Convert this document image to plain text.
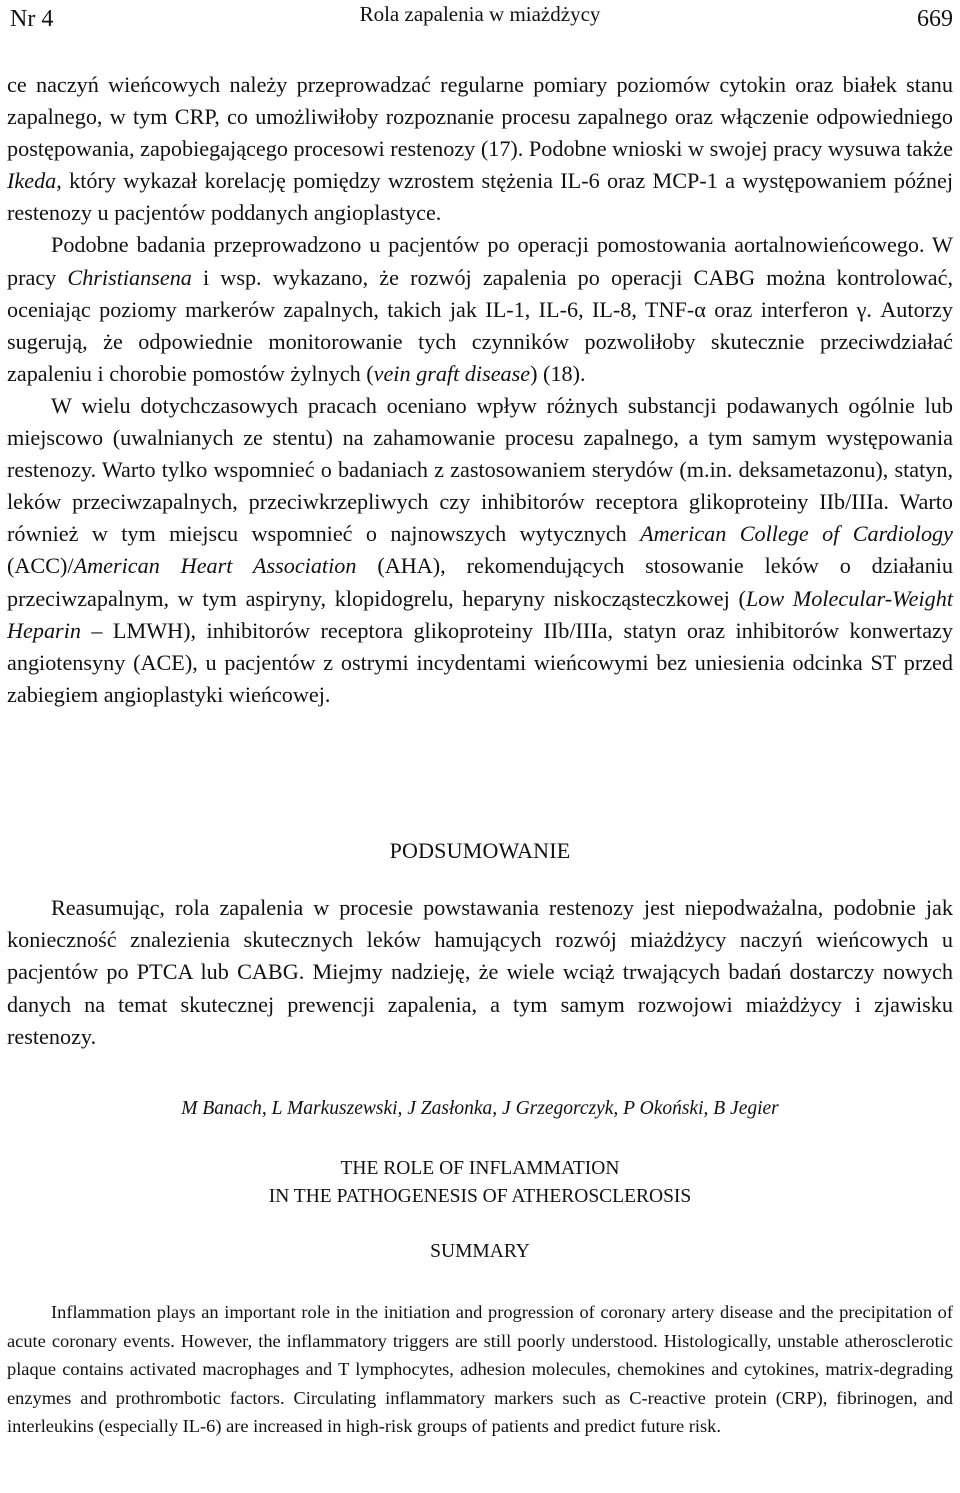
Nr 4	Rola zapalenia w miażdżycy	669

ce naczyń wieńcowych należy przeprowadzać regularne pomiary poziomów cytokin oraz białek stanu zapalnego, w tym CRP, co umożliwiłoby rozpoznanie procesu zapalnego oraz włączenie odpowiedniego postępowania, zapobiegającego procesowi restenozy (17). Podobne wnioski w swojej pracy wysuwa także Ikeda, który wykazał korelację pomiędzy wzrostem stężenia IL-6 oraz MCP-1 a występowaniem późnej restenozy u pacjentów poddanych angioplastyce.

Podobne badania przeprowadzono u pacjentów po operacji pomostowania aortalnowieńcowego. W pracy Christiansena i wsp. wykazano, że rozwój zapalenia po operacji CABG można kontrolować, oceniając poziomy markerów zapalnych, takich jak IL-1, IL-6, IL-8, TNF-α oraz interferon γ. Autorzy sugerują, że odpowiednie monitorowanie tych czynników pozwoliłoby skutecznie przeciwdziałać zapaleniu i chorobie pomostów żylnych (vein graft disease) (18).

W wielu dotychczasowych pracach oceniano wpływ różnych substancji podawanych ogólnie lub miejscowo (uwalnianych ze stentu) na zahamowanie procesu zapalnego, a tym samym występowania restenozy. Warto tylko wspomnieć o badaniach z zastosowaniem sterydów (m.in. deksametazonu), statyn, leków przeciwzapalnych, przeciwkrzepliwych czy inhibitorów receptora glikoproteiny IIb/IIIa. Warto również w tym miejscu wspomnieć o najnowszych wytycznych American College of Cardiology (ACC)/American Heart Association (AHA), rekomendujących stosowanie leków o działaniu przeciwzapalnym, w tym aspiryny, klopidogrelu, heparyny niskocząsteczkowej (Low Molecular-Weight Heparin – LMWH), inhibitorów receptora glikoproteiny IIb/IIIa, statyn oraz inhibitorów konwertazy angiotensyny (ACE), u pacjentów z ostrymi incydentami wieńcowymi bez uniesienia odcinka ST przed zabiegiem angioplastyki wieńcowej.

PODSUMOWANIE

Reasumując, rola zapalenia w procesie powstawania restenozy jest niepodważalna, podobnie jak konieczność znalezienia skutecznych leków hamujących rozwój miażdżycy naczyń wieńcowych u pacjentów po PTCA lub CABG. Miejmy nadzieję, że wiele wciąż trwających badań dostarczy nowych danych na temat skutecznej prewencji zapalenia, a tym samym rozwojowi miażdżycy i zjawisku restenozy.

M Banach, L Markuszewski, J Zasłonka, J Grzegorczyk, P Okoński, B Jegier
THE ROLE OF INFLAMMATION
IN THE PATHOGENESIS OF ATHEROSCLEROSIS
SUMMARY

Inflammation plays an important role in the initiation and progression of coronary artery disease and the precipitation of acute coronary events. However, the inflammatory triggers are still poorly understood. Histologically, unstable atherosclerotic plaque contains activated macrophages and T lymphocytes, adhesion molecules, chemokines and cytokines, matrix-degrading enzymes and prothrombotic factors. Circulating inflammatory markers such as C-reactive protein (CRP), fibrinogen, and interleukins (especially IL-6) are increased in high-risk groups of patients and predict future risk.
